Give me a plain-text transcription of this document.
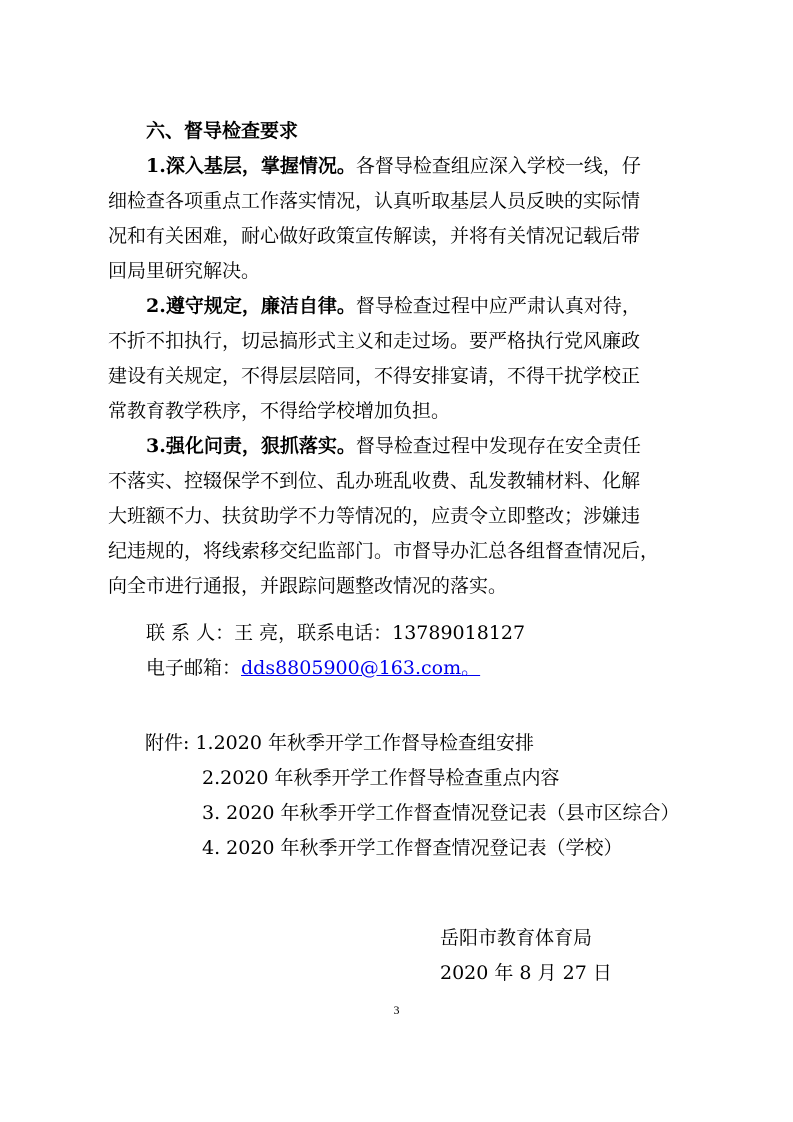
六、督导检查要求
1.深入基层，掌握情况。各督导检查组应深入学校一线，仔
细检查各项重点工作落实情况，认真听取基层人员反映的实际情
况和有关困难，耐心做好政策宣传解读，并将有关情况记载后带
回局里研究解决。
2.遵守规定，廉洁自律。督导检查过程中应严肃认真对待，
不折不扣执行，切忌搞形式主义和走过场。要严格执行党风廉政
建设有关规定，不得层层陪同，不得安排宴请，不得干扰学校正
常教育教学秩序，不得给学校增加负担。
3.强化问责，狠抓落实。督导检查过程中发现存在安全责任
不落实、控辍保学不到位、乱办班乱收费、乱发教辅材料、化解
大班额不力、扶贫助学不力等情况的，应责令立即整改；涉嫌违
纪违规的，将线索移交纪监部门。市督导办汇总各组督查情况后，
向全市进行通报，并跟踪问题整改情况的落实。
联 系 人：王 亮，联系电话：13789018127
电子邮箱：dds8805900@163.com。
附件: 1.2020 年秋季开学工作督导检查组安排
2.2020 年秋季开学工作督导检查重点内容
3. 2020 年秋季开学工作督查情况登记表（县市区综合）
4. 2020 年秋季开学工作督查情况登记表（学校）
岳阳市教育体育局
2020 年 8 月 27 日
3
